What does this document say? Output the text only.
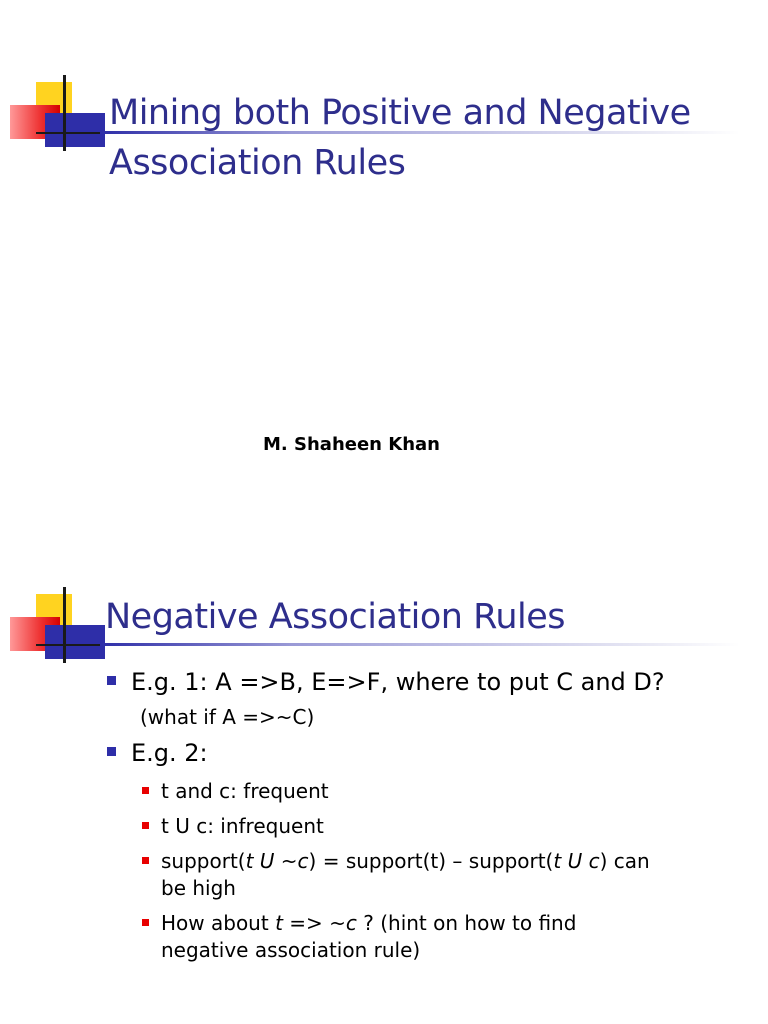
Mining both Positive and Negative
Association Rules
M. Shaheen Khan
Negative Association Rules
E.g. 1: A =>B, E=>F, where to put C and D?
(what if A =>~C)
E.g. 2:
t and c: frequent
t U c: infrequent
support(t U ~c) = support(t) – support(t U c) can
be high
How about t => ~c ? (hint on how to find
negative association rule)
